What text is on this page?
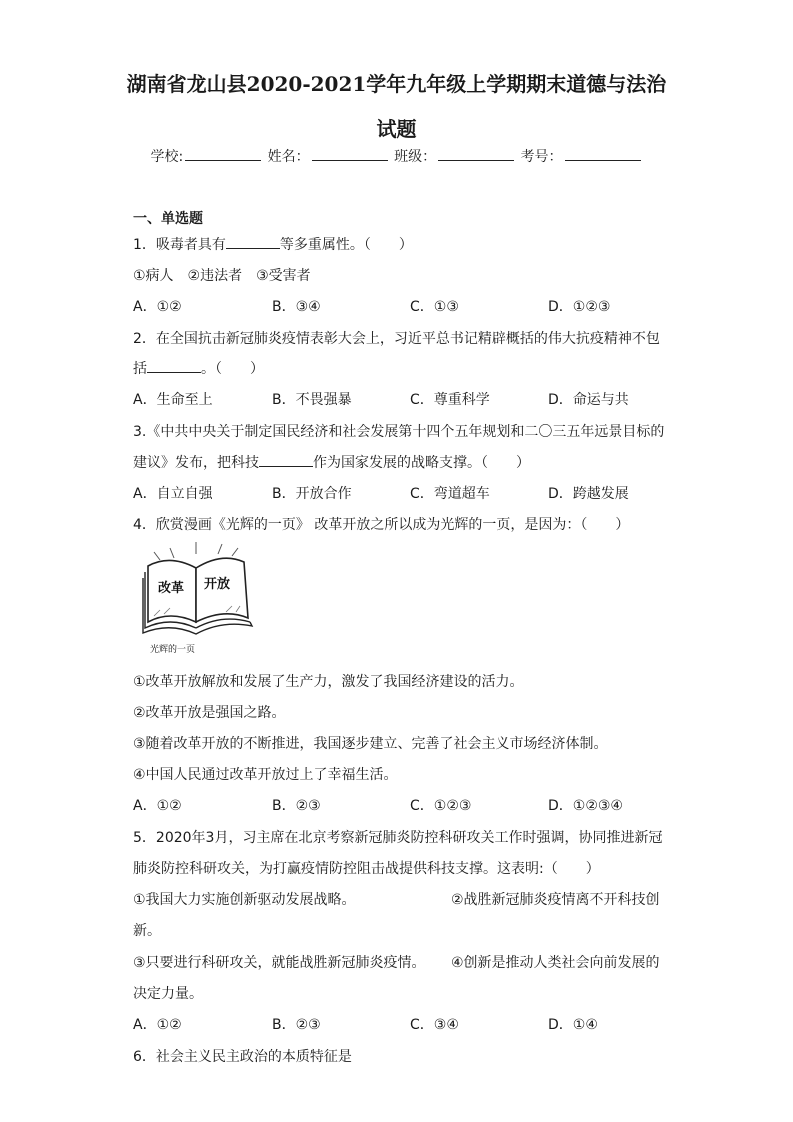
湖南省龙山县2020-2021学年九年级上学期期末道德与法治
试题
学校:	姓名：	班级：	考号：
一、单选题
1．吸毒者具有	等多重属性。（　　）
①病人　②违法者　③受害者
A．①②	B．③④	C．①③	D．①②③
2．在全国抗击新冠肺炎疫情表彰大会上，习近平总书记精辟概括的伟大抗疫精神不包
括	。（　　）
A．生命至上	B．不畏强暴	C．尊重科学	D．命运与共
3.《中共中央关于制定国民经济和社会发展第十四个五年规划和二〇三五年远景目标的
建议》发布，把科技	作为国家发展的战略支撑。（　　）
A．自立自强	B．开放合作	C．弯道超车	D．跨越发展
4．欣赏漫画《光辉的一页》 改革开放之所以成为光辉的一页，是因为：（　　）
改革 开放
光辉的一页
①改革开放解放和发展了生产力，激发了我国经济建设的活力。
②改革开放是强国之路。
③随着改革开放的不断推进，我国逐步建立、完善了社会主义市场经济体制。
④中国人民通过改革开放过上了幸福生活。
A．①②	B．②③	C．①②③	D．①②③④
5．2020年3月，习主席在北京考察新冠肺炎防控科研攻关工作时强调，协同推进新冠
肺炎防控科研攻关，为打赢疫情防控阻击战提供科技支撑。这表明:（　　）
①我国大力实施创新驱动发展战略。	②战胜新冠肺炎疫情离不开科技创
新。
③只要进行科研攻关，就能战胜新冠肺炎疫情。 ④创新是推动人类社会向前发展的
决定力量。
A．①②	B．②③	C．③④	D．①④
6．社会主义民主政治的本质特征是
